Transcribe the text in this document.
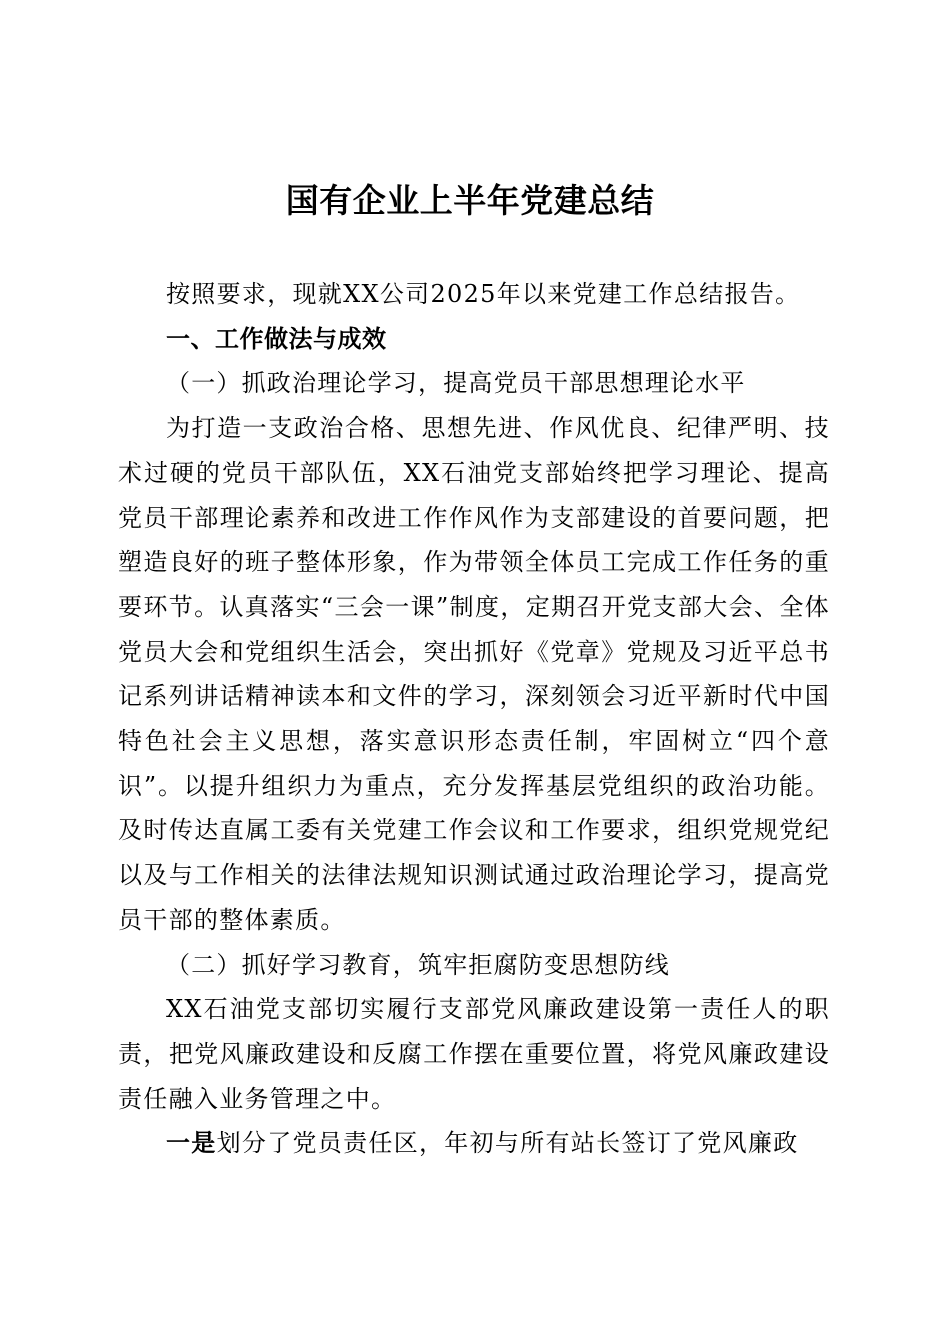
国有企业上半年党建总结

按照要求，现就XX公司2025年以来党建工作总结报告。

一、工作做法与成效

（一）抓政治理论学习，提高党员干部思想理论水平

为打造一支政治合格、思想先进、作风优良、纪律严明、技术过硬的党员干部队伍，XX石油党支部始终把学习理论、提高党员干部理论素养和改进工作作风作为支部建设的首要问题，把塑造良好的班子整体形象，作为带领全体员工完成工作任务的重要环节。认真落实“三会一课”制度，定期召开党支部大会、全体党员大会和党组织生活会，突出抓好《党章》党规及习近平总书记系列讲话精神读本和文件的学习，深刻领会习近平新时代中国特色社会主义思想，落实意识形态责任制，牢固树立“四个意识”。以提升组织力为重点，充分发挥基层党组织的政治功能。及时传达直属工委有关党建工作会议和工作要求，组织党规党纪以及与工作相关的法律法规知识测试通过政治理论学习，提高党员干部的整体素质。

（二）抓好学习教育，筑牢拒腐防变思想防线

XX石油党支部切实履行支部党风廉政建设第一责任人的职责，把党风廉政建设和反腐工作摆在重要位置，将党风廉政建设责任融入业务管理之中。

一是划分了党员责任区，年初与所有站长签订了党风廉政
